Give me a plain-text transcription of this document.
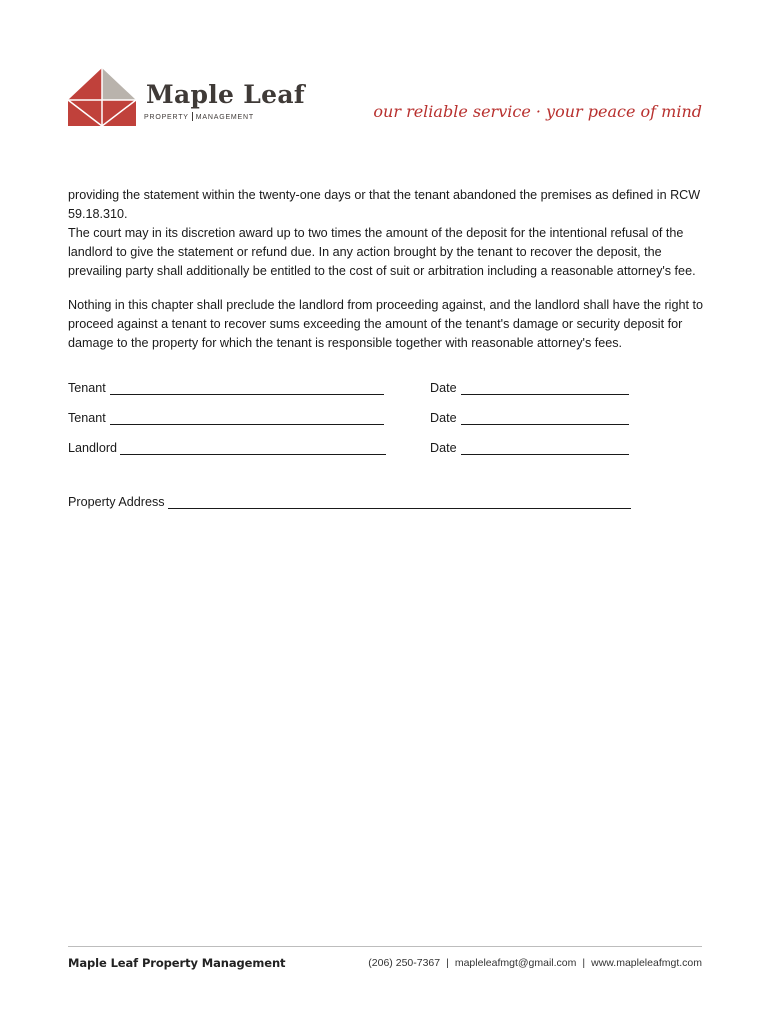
Maple Leaf
PROPERTY MANAGEMENT	our reliable service · your peace of mind

providing the statement within the twenty-one days or that the tenant abandoned the premises as defined in RCW

59.18.310.

The court may in its discretion award up to two times the amount of the deposit for the intentional refusal of the landlord to give the statement or refund due. In any action brought by the tenant to recover the deposit, the prevailing party shall additionally be entitled to the cost of suit or arbitration including a reasonable attorney's fee.

Nothing in this chapter shall preclude the landlord from proceeding against, and the landlord shall have the right to proceed against a tenant to recover sums exceeding the amount of the tenant's damage or security deposit for damage to the property for which the tenant is responsible together with reasonable attorney's fees.

Tenant	Date
Tenant	Date
Landlord	Date
Property Address
Maple Leaf Property Management	(206) 250-7367 | mapleleafmgt@gmail.com | www.mapleleafmgt.com
